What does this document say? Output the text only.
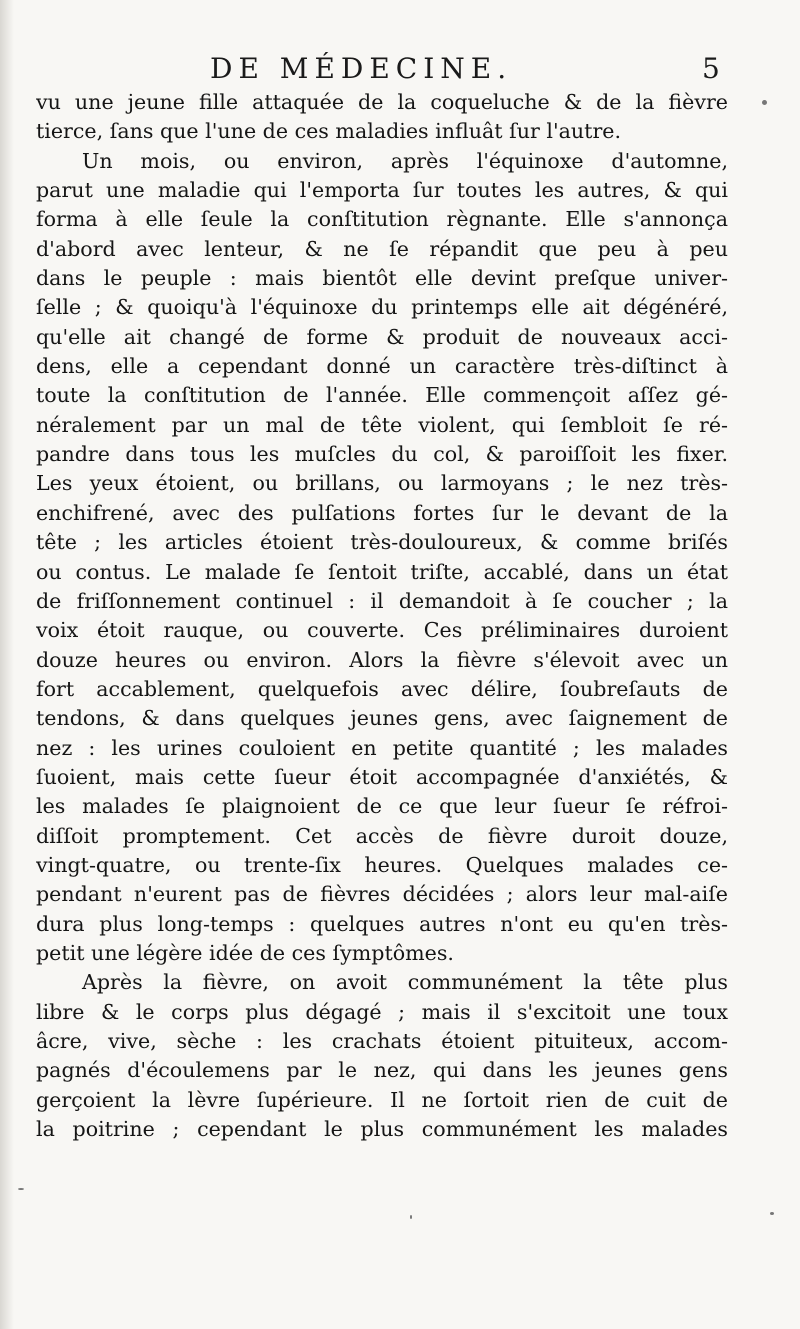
DE MÉDECINE.	5
vu une jeune fille attaquée de la coqueluche & de la fièvre
tierce, ſans que l'une de ces maladies influât ſur l'autre.
Un mois, ou environ, après l'équinoxe d'automne,
parut une maladie qui l'emporta ſur toutes les autres, & qui
forma à elle ſeule la conſtitution règnante. Elle s'annonça
d'abord avec lenteur, & ne ſe répandit que peu à peu
dans le peuple : mais bientôt elle devint preſque univer-
ſelle ; & quoiqu'à l'équinoxe du printemps elle ait dégénéré,
qu'elle ait changé de forme & produit de nouveaux acci-
dens, elle a cependant donné un caractère très-diſtinct à
toute la conſtitution de l'année. Elle commençoit aſſez gé-
néralement par un mal de tête violent, qui ſembloit ſe ré-
pandre dans tous les muſcles du col, & paroiſſoit les fixer.
Les yeux étoient, ou brillans, ou larmoyans ; le nez très-
enchifrené, avec des pulſations fortes ſur le devant de la
tête ; les articles étoient très-douloureux, & comme briſés
ou contus. Le malade ſe ſentoit triſte, accablé, dans un état
de friſſonnement continuel : il demandoit à ſe coucher ; la
voix étoit rauque, ou couverte. Ces préliminaires duroient
douze heures ou environ. Alors la fièvre s'élevoit avec un
fort accablement, quelquefois avec délire, ſoubreſauts de
tendons, & dans quelques jeunes gens, avec ſaignement de
nez : les urines couloient en petite quantité ; les malades
ſuoient, mais cette ſueur étoit accompagnée d'anxiétés, &
les malades ſe plaignoient de ce que leur ſueur ſe réfroi-
diſſoit promptement. Cet accès de fièvre duroit douze,
vingt-quatre, ou trente-ſix heures. Quelques malades ce-
pendant n'eurent pas de fièvres décidées ; alors leur mal-aiſe
dura plus long-temps : quelques autres n'ont eu qu'en très-
petit une légère idée de ces ſymptômes.
Après la fièvre, on avoit communément la tête plus
libre & le corps plus dégagé ; mais il s'excitoit une toux
âcre, vive, sèche : les crachats étoient pituiteux, accom-
pagnés d'écoulemens par le nez, qui dans les jeunes gens
gerçoient la lèvre ſupérieure. Il ne ſortoit rien de cuit de
la poitrine ; cependant le plus communément les malades
